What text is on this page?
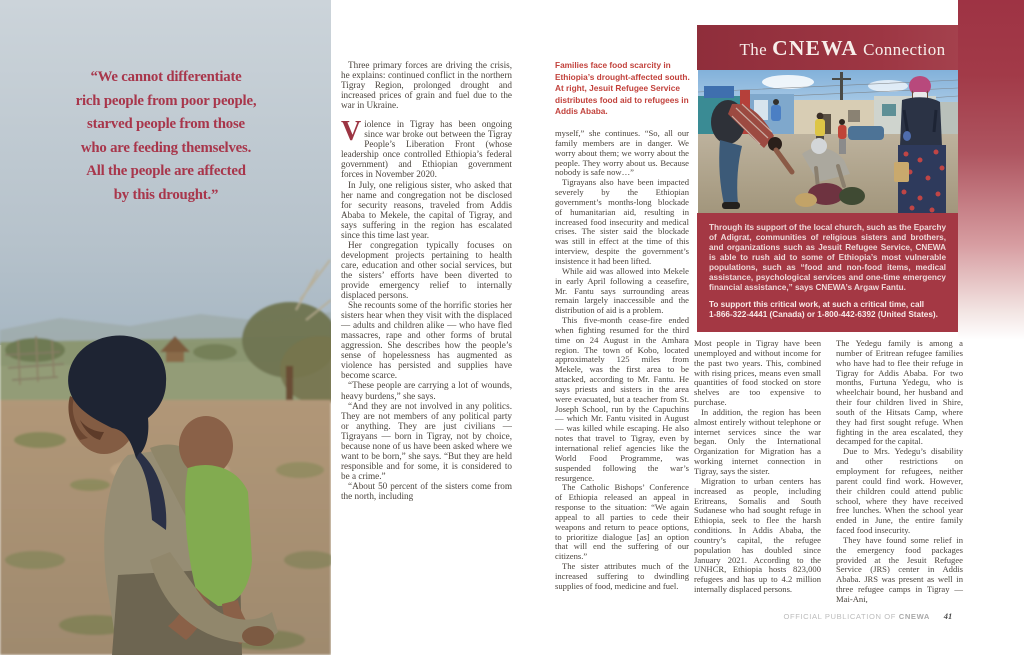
“We cannot differentiate
rich people from poor people,
starved people from those
who are feeding themselves.
All the people are affected
by this drought.”

Three primary forces are driving the crisis, he explains: continued conflict in the northern Tigray Region, prolonged drought and increased prices of grain and fuel due to the war in Ukraine.

Violence in Tigray has been ongoing since war broke out between the Tigray People’s Liberation Front (whose leadership once controlled Ethiopia’s federal government) and Ethiopian government forces in November 2020.

In July, one religious sister, who asked that her name and congregation not be disclosed for security reasons, traveled from Addis Ababa to Mekele, the capital of Tigray, and says suffering in the region has escalated since this time last year.

Her congregation typically focuses on development projects pertaining to health care, education and other social services, but the sisters’ efforts have been diverted to provide emergency relief to internally displaced persons.

She recounts some of the horrific stories her sisters hear when they visit with the displaced — adults and children alike — who have fled massacres, rape and other forms of brutal aggression. She describes how the people’s sense of hopelessness has augmented as violence has persisted and supplies have become scarce.

“These people are carrying a lot of wounds, heavy burdens,” she says.

“And they are not involved in any politics. They are not members of any political party or anything. They are just civilians — Tigrayans — born in Tigray, not by choice, because none of us have been asked where we want to be born,” she says. “But they are held responsible and for some, it is considered to be a crime.”

“About 50 percent of the sisters come from the north, including

Families face food scarcity in Ethiopia’s drought-affected south. At right, Jesuit Refugee Service distributes food aid to refugees in Addis Ababa.

myself,” she continues. “So, all our family members are in danger. We worry about them; we worry about the people. They worry about us. Because nobody is safe now…”

Tigrayans also have been impacted severely by the Ethiopian government’s months-long blockade of humanitarian aid, resulting in increased food insecurity and medical crises. The sister said the blockade was still in effect at the time of this interview, despite the government’s insistence it had been lifted.

While aid was allowed into Mekele in early April following a ceasefire, Mr. Fantu says surrounding areas remain largely inaccessible and the distribution of aid is a problem.

This five-month cease-fire ended when fighting resumed for the third time on 24 August in the Amhara region. The town of Kobo, located approximately 125 miles from Mekele, was the first area to be attacked, according to Mr. Fantu. He says priests and sisters in the area were evacuated, but a teacher from St. Joseph School, run by the Capuchins — which Mr. Fantu visited in August — was killed while escaping. He also notes that travel to Tigray, even by international relief agencies like the World Food Programme, was suspended following the war’s resurgence.

The Catholic Bishops’ Conference of Ethiopia released an appeal in response to the situation: “We again appeal to all parties to cede their weapons and return to peace options, to prioritize dialogue [as] an option that will end the suffering of our citizens.”

The sister attributes much of the increased suffering to dwindling supplies of food, medicine and fuel.

The CNEWA Connection

Through its support of the local church, such as the Eparchy of Adigrat, communities of religious sisters and brothers, and organizations such as Jesuit Refugee Service, CNEWA is able to rush aid to some of Ethiopia’s most vulnerable populations, such as “food and non-food items, medical assistance, psychological services and one-time emergency financial assistance,” says CNEWA’s Argaw Fantu.

To support this critical work, at such a critical time, call
1-866-322-4441 (Canada) or 1-800-442-6392 (United States).

Most people in Tigray have been unemployed and without income for the past two years. This, combined with rising prices, means even small quantities of food stocked on store shelves are too expensive to purchase.

In addition, the region has been almost entirely without telephone or internet services since the war began. Only the International Organization for Migration has a working internet connection in Tigray, says the sister.

Migration to urban centers has increased as people, including Eritreans, Somalis and South Sudanese who had sought refuge in Ethiopia, seek to flee the harsh conditions. In Addis Ababa, the country’s capital, the refugee population has doubled since January 2021. According to the UNHCR, Ethiopia hosts 823,000 refugees and has up to 4.2 million internally displaced persons.

The Yedegu family is among a number of Eritrean refugee families who have had to flee their refuge in Tigray for Addis Ababa. For two months, Furtuna Yedegu, who is wheelchair bound, her husband and their four children lived in Shire, south of the Hitsats Camp, where they had first sought refuge. When fighting in the area escalated, they decamped for the capital.

Due to Mrs. Yedegu’s disability and other restrictions on employment for refugees, neither parent could find work. However, their children could attend public school, where they have received free lunches. When the school year ended in June, the entire family faced food insecurity.

They have found some relief in the emergency food packages provided at the Jesuit Refugee Service (JRS) center in Addis Ababa. JRS was present as well in three refugee camps in Tigray — Mai-Ani,

OFFICIAL PUBLICATION OF CNEWA	41
